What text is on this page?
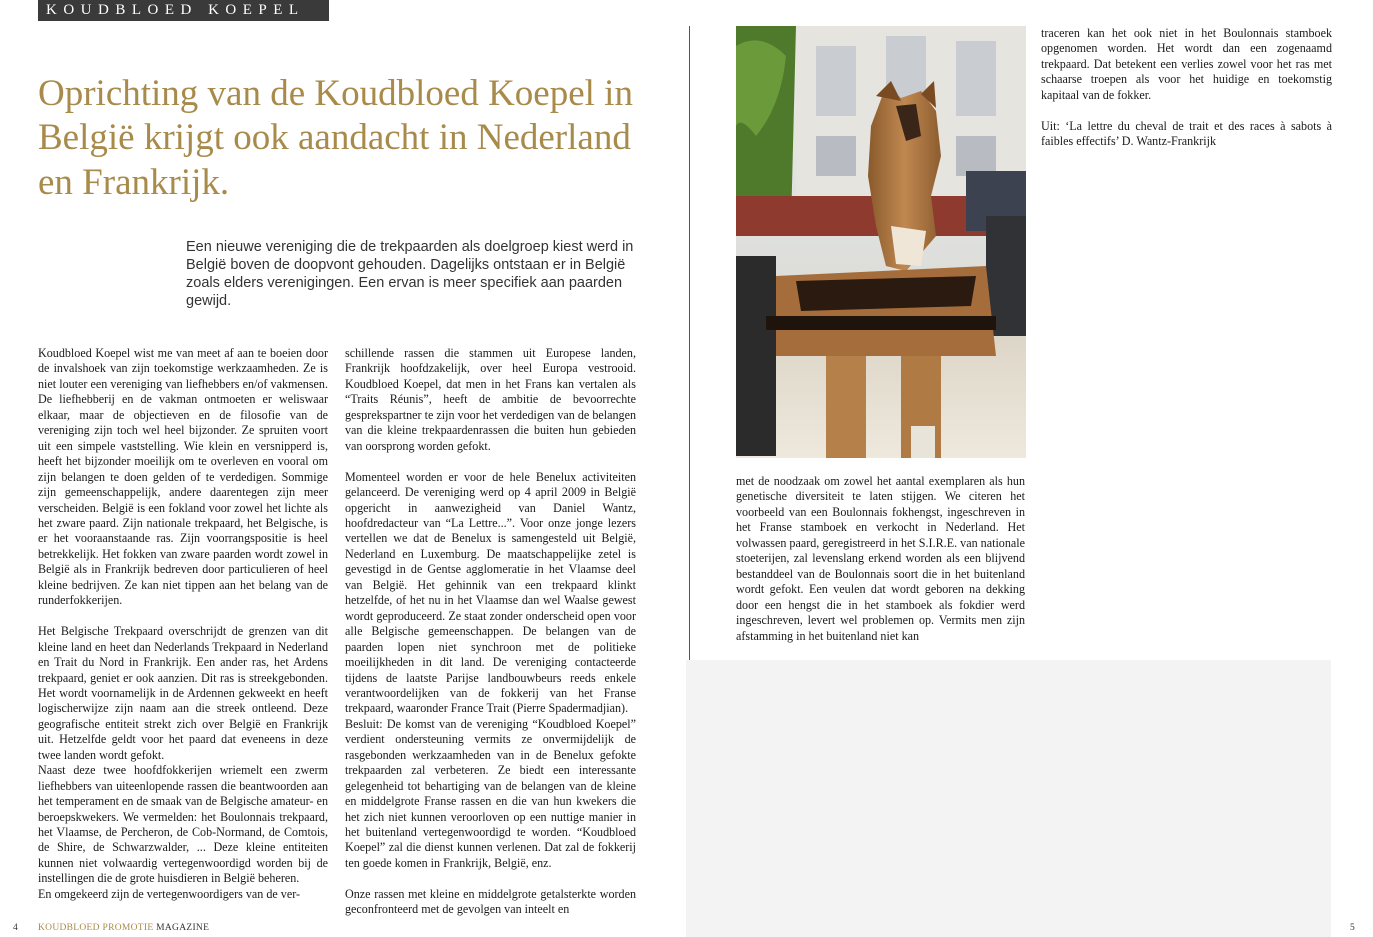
KOUDBLOED KOEPEL
Oprichting van de Koudbloed Koepel in België krijgt ook aandacht in Nederland en Frankrijk.

Een nieuwe vereniging die de trekpaarden als doelgroep kiest werd in België boven de doopvont gehouden. Dagelijks ontstaan er in België zoals elders verenigingen. Een ervan is meer specifiek aan paarden gewijd.

Koudbloed Koepel wist me van meet af aan te boeien door de invalshoek van zijn toekomstige werkzaamheden. Ze is niet louter een vereniging van liefhebbers en/of vakmensen. De liefhebberij en de vakman ontmoeten er weliswaar elkaar, maar de objectieven en de filosofie van de vereniging zijn toch wel heel bijzonder. Ze spruiten voort uit een simpele vaststelling. Wie klein en versnipperd is, heeft het bijzonder moeilijk om te overleven en vooral om zijn belangen te doen gelden of te verdedigen. Sommige zijn gemeenschappelijk, andere daarentegen zijn meer verscheiden. België is een fokland voor zowel het lichte als het zware paard. Zijn nationale trekpaard, het Belgische, is er het vooraanstaande ras. Zijn voorrangspositie is heel betrekkelijk. Het fokken van zware paarden wordt zowel in België als in Frankrijk bedreven door particulieren of heel kleine bedrijven. Ze kan niet tippen aan het belang van de runderfokkerijen.

Het Belgische Trekpaard overschrijdt de grenzen van dit kleine land en heet dan Nederlands Trekpaard in Nederland en Trait du Nord in Frankrijk. Een ander ras, het Ardens trekpaard, geniet er ook aanzien. Dit ras is streekgebonden. Het wordt voornamelijk in de Ardennen gekweekt en heeft logischerwijze zijn naam aan die streek ontleend. Deze geografische entiteit strekt zich over België en Frankrijk uit. Hetzelfde geldt voor het paard dat eveneens in deze twee landen wordt gefokt.

Naast deze twee hoofdfokkerijen wriemelt een zwerm liefhebbers van uiteenlopende rassen die beantwoorden aan het temperament en de smaak van de Belgische amateur- en beroepskwekers. We vermelden: het Boulonnais trekpaard, het Vlaamse, de Percheron, de Cob-Normand, de Comtois, de Shire, de Schwarzwalder, ... Deze kleine entiteiten kunnen niet volwaardig vertegenwoordigd worden bij de instellingen die de grote huisdieren in België beheren.

En omgekeerd zijn de vertegenwoordigers van de ver-

schillende rassen die stammen uit Europese landen, Frankrijk hoofdzakelijk, over heel Europa vestrooid. Koudbloed Koepel, dat men in het Frans kan vertalen als “Traits Réunis”, heeft de ambitie de bevoorrechte gesprekspartner te zijn voor het verdedigen van de belangen van die kleine trekpaardenrassen die buiten hun gebieden van oorsprong worden gefokt.

Momenteel worden er voor de hele Benelux activiteiten gelanceerd. De vereniging werd op 4 april 2009 in België opgericht in aanwezigheid van Daniel Wantz, hoofdredacteur van “La Lettre...”. Voor onze jonge lezers vertellen we dat de Benelux is samengesteld uit België, Nederland en Luxemburg. De maatschappelijke zetel is gevestigd in de Gentse agglomeratie in het Vlaamse deel van België. Het gehinnik van een trekpaard klinkt hetzelfde, of het nu in het Vlaamse dan wel Waalse gewest wordt geproduceerd. Ze staat zonder onderscheid open voor alle Belgische gemeenschappen. De belangen van de paarden lopen niet synchroon met de politieke moeilijkheden in dit land. De vereniging contacteerde tijdens de laatste Parijse landbouwbeurs reeds enkele verantwoordelijken van de fokkerij van het Franse trekpaard, waaronder France Trait (Pierre Spadermadjian).

Besluit: De komst van de vereniging “Koudbloed Koepel” verdient ondersteuning vermits ze onvermijdelijk de rasgebonden werkzaamheden van in de Benelux gefokte trekpaarden zal verbeteren. Ze biedt een interessante gelegenheid tot behartiging van de belangen van de kleine en middelgrote Franse rassen en die van hun kwekers die het zich niet kunnen veroorloven op een nuttige manier in het buitenland vertegenwoordigd te worden. “Koudbloed Koepel” zal die dienst kunnen verlenen. Dat zal de fokkerij ten goede komen in Frankrijk, België, enz.

Onze rassen met kleine en middelgrote getalsterkte worden geconfronteerd met de gevolgen van inteelt en

met de noodzaak om zowel het aantal exemplaren als hun genetische diversiteit te laten stijgen. We citeren het voorbeeld van een Boulonnais fokhengst, ingeschreven in het Franse stamboek en verkocht in Nederland. Het volwassen paard, geregistreerd in het S.I.R.E. van nationale stoeterijen, zal levenslang erkend worden als een blijvend bestanddeel van de Boulonnais soort die in het buitenland wordt gefokt. Een veulen dat wordt geboren na dekking door een hengst die in het stamboek als fokdier werd ingeschreven, levert wel problemen op. Vermits men zijn afstamming in het buitenland niet kan

traceren kan het ook niet in het Boulonnais stamboek opgenomen worden. Het wordt dan een zogenaamd trekpaard. Dat betekent een verlies zowel voor het ras met schaarse troepen als voor het huidige en toekomstig kapitaal van de fokker.

Uit: ‘La lettre du cheval de trait et des races à sabots à faibles effectifs’ D. Wantz-Frankrijk

4 KOUDBLOED PROMOTIE MAGAZINE	5
